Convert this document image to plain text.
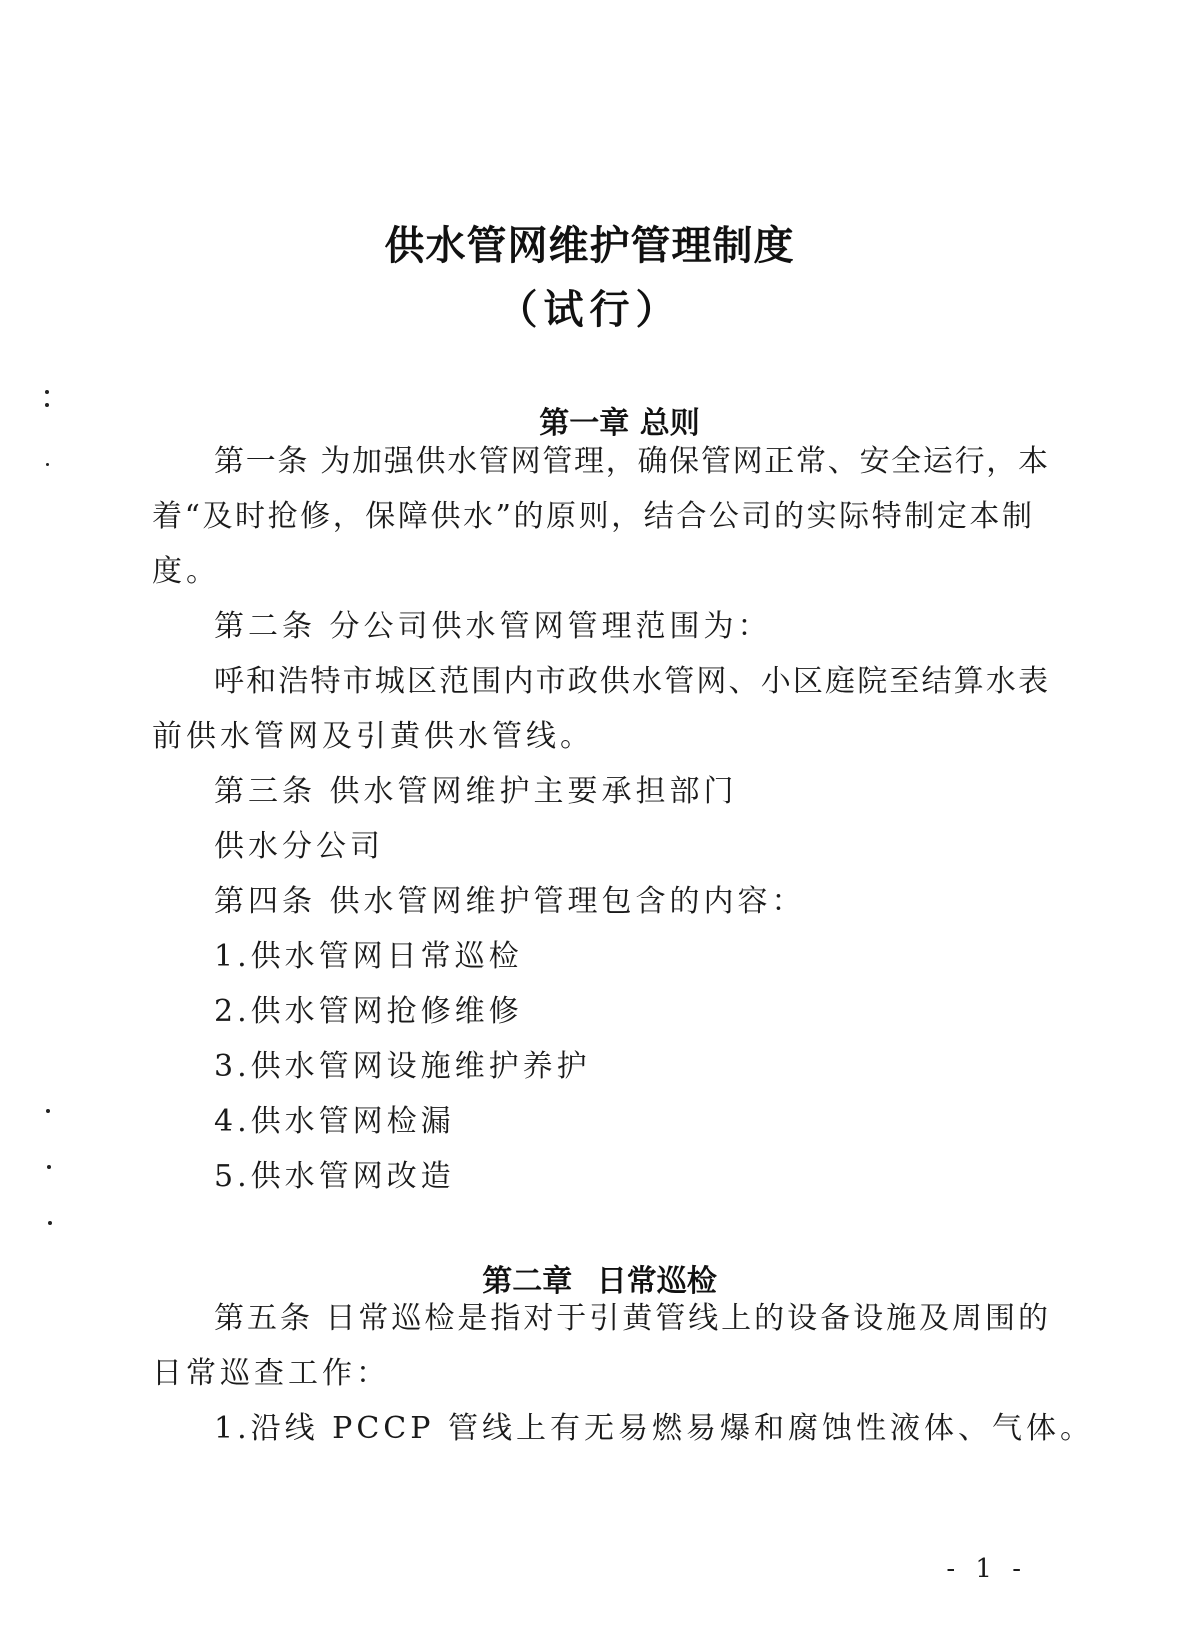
供水管网维护管理制度
（试行）
第一章 总则
第一条 为加强供水管网管理，确保管网正常、安全运行，本
着“及时抢修，保障供水”的原则，结合公司的实际特制定本制
度。
第二条 分公司供水管网管理范围为：
呼和浩特市城区范围内市政供水管网、小区庭院至结算水表
前供水管网及引黄供水管线。
第三条 供水管网维护主要承担部门
供水分公司
第四条 供水管网维护管理包含的内容：
1.供水管网日常巡检
2.供水管网抢修维修
3.供水管网设施维护养护
4.供水管网检漏
5.供水管网改造
第二章 日常巡检
第五条 日常巡检是指对于引黄管线上的设备设施及周围的
日常巡查工作：
1.沿线 PCCP 管线上有无易燃易爆和腐蚀性液体、气体。
- 1 -
